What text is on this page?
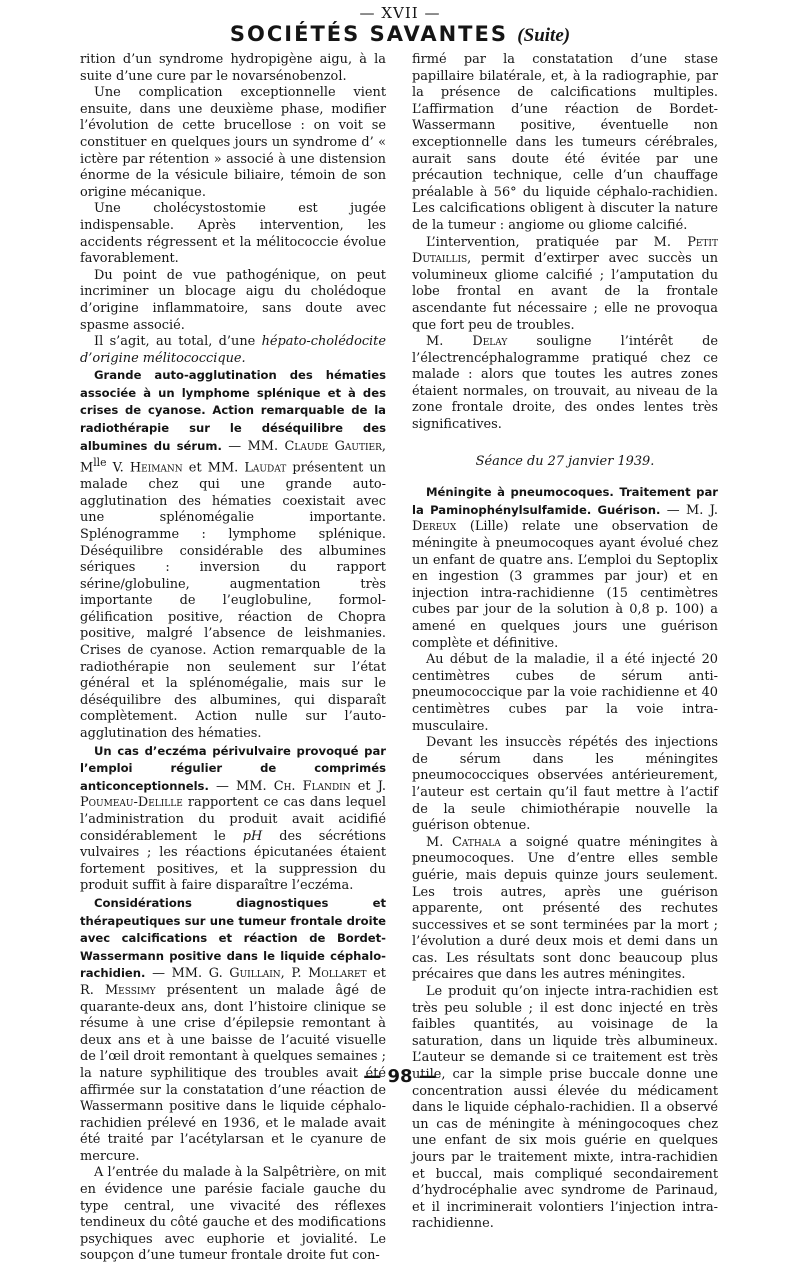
— XVII —
SOCIÉTÉS SAVANTES (Suite)

rition d’un syndrome hydropigène aigu, à la suite d’une cure par le novarsénobenzol.

Une complication exceptionnelle vient ensuite, dans une deuxième phase, modifier l’évolution de cette brucellose : on voit se constituer en quelques jours un syndrome d’ « ictère par rétention » associé à une distension énorme de la vésicule biliaire, témoin de son origine mécanique.

Une cholécystostomie est jugée indispensable. Après intervention, les accidents régressent et la mélitococcie évolue favorablement.

Du point de vue pathogénique, on peut incriminer un blocage aigu du cholédoque d’origine inflammatoire, sans doute avec spasme associé.

Il s’agit, au total, d’une hépato-cholédocite d’origine mélitococcique.

Grande auto-agglutination des hématies associée à un lymphome splénique et à des crises de cyanose. Action remarquable de la radiothérapie sur le déséquilibre des albumines du sérum. — MM. Claude Gautier, $M^{lle}$ V. Heimann et MM. Laudat présentent un malade chez qui une grande auto-agglutination des hématies coexistait avec une splénomégalie importante. Splénogramme : lymphome splénique. Déséquilibre considérable des albumines sériques : inversion du rapport sérine/globuline, augmentation très importante de l’euglobuline, formol-gélification positive, réaction de Chopra positive, malgré l’absence de leishmanies. Crises de cyanose. Action remarquable de la radiothérapie non seulement sur l’état général et la splénomégalie, mais sur le déséquilibre des albumines, qui disparaît complètement. Action nulle sur l’auto-agglutination des hématies.

Un cas d’eczéma périvulvaire provoqué par l’emploi régulier de comprimés anticonceptionnels. — MM. Ch. Flandin et J. Poumeau-Delille rapportent ce cas dans lequel l’administration du produit avait acidifié considérablement le pH des sécrétions vulvaires ; les réactions épicutanées étaient fortement positives, et la suppression du produit suffit à faire disparaître l’eczéma.

Considérations diagnostiques et thérapeutiques sur une tumeur frontale droite avec calcifications et réaction de Bordet-Wassermann positive dans le liquide céphalo-rachidien. — MM. G. Guillain, P. Mollaret et R. Messimy présentent un malade âgé de quarante-deux ans, dont l’histoire clinique se résume à une crise d’épilepsie remontant à deux ans et à une baisse de l’acuité visuelle de l’œil droit remontant à quelques semaines ; la nature syphilitique des troubles avait été affirmée sur la constatation d’une réaction de Wassermann positive dans le liquide céphalo-rachidien prélevé en 1936, et le malade avait été traité par l’acétylarsan et le cyanure de mercure.

A l’entrée du malade à la Salpêtrière, on mit en évidence une parésie faciale gauche du type central, une vivacité des réflexes tendineux du côté gauche et des modifications psychiques avec euphorie et jovialité. Le soupçon d’une tumeur frontale droite fut con-

firmé par la constatation d’une stase papillaire bilatérale, et, à la radiographie, par la présence de calcifications multiples. L’affirmation d’une réaction de Bordet-Wassermann positive, éventuelle non exceptionnelle dans les tumeurs cérébrales, aurait sans doute été évitée par une précaution technique, celle d’un chauffage préalable à 56° du liquide céphalo-rachidien. Les calcifications obligent à discuter la nature de la tumeur : angiome ou gliome calcifié.

L’intervention, pratiquée par M. Petit Dutaillis, permit d’extirper avec succès un volumineux gliome calcifié ; l’amputation du lobe frontal en avant de la frontale ascendante fut nécessaire ; elle ne provoqua que fort peu de troubles.

M. Delay souligne l’intérêt de l’électrencéphalogramme pratiqué chez ce malade : alors que toutes les autres zones étaient normales, on trouvait, au niveau de la zone frontale droite, des ondes lentes très significatives.

Séance du 27 janvier 1939.

Méningite à pneumocoques. Traitement par la Paminophénylsulfamide. Guérison. — M. J. Dereux (Lille) relate une observation de méningite à pneumocoques ayant évolué chez un enfant de quatre ans. L’emploi du Septoplix en ingestion (3 grammes par jour) et en injection intra-rachidienne (15 centimètres cubes par jour de la solution à 0,8 p. 100) a amené en quelques jours une guérison complète et définitive.

Au début de la maladie, il a été injecté 20 centimètres cubes de sérum anti-pneumococcique par la voie rachidienne et 40 centimètres cubes par la voie intra-musculaire.

Devant les insuccès répétés des injections de sérum dans les méningites pneumococciques observées antérieurement, l’auteur est certain qu’il faut mettre à l’actif de la seule chimiothérapie nouvelle la guérison obtenue.

M. Cathala a soigné quatre méningites à pneumocoques. Une d’entre elles semble guérie, mais depuis quinze jours seulement. Les trois autres, après une guérison apparente, ont présenté des rechutes successives et se sont terminées par la mort ; l’évolution a duré deux mois et demi dans un cas. Les résultats sont donc beaucoup plus précaires que dans les autres méningites.

Le produit qu’on injecte intra-rachidien est très peu soluble ; il est donc injecté en très faibles quantités, au voisinage de la saturation, dans un liquide très albumineux. L’auteur se demande si ce traitement est très utile, car la simple prise buccale donne une concentration aussi élevée du médicament dans le liquide céphalo-rachidien. Il a observé un cas de méningite à méningocoques chez une enfant de six mois guérie en quelques jours par le traitement mixte, intra-rachidien et buccal, mais compliqué secondairement d’hydrocéphalie avec syndrome de Parinaud, et il incriminerait volontiers l’injection intra-rachidienne.

— 98 —
